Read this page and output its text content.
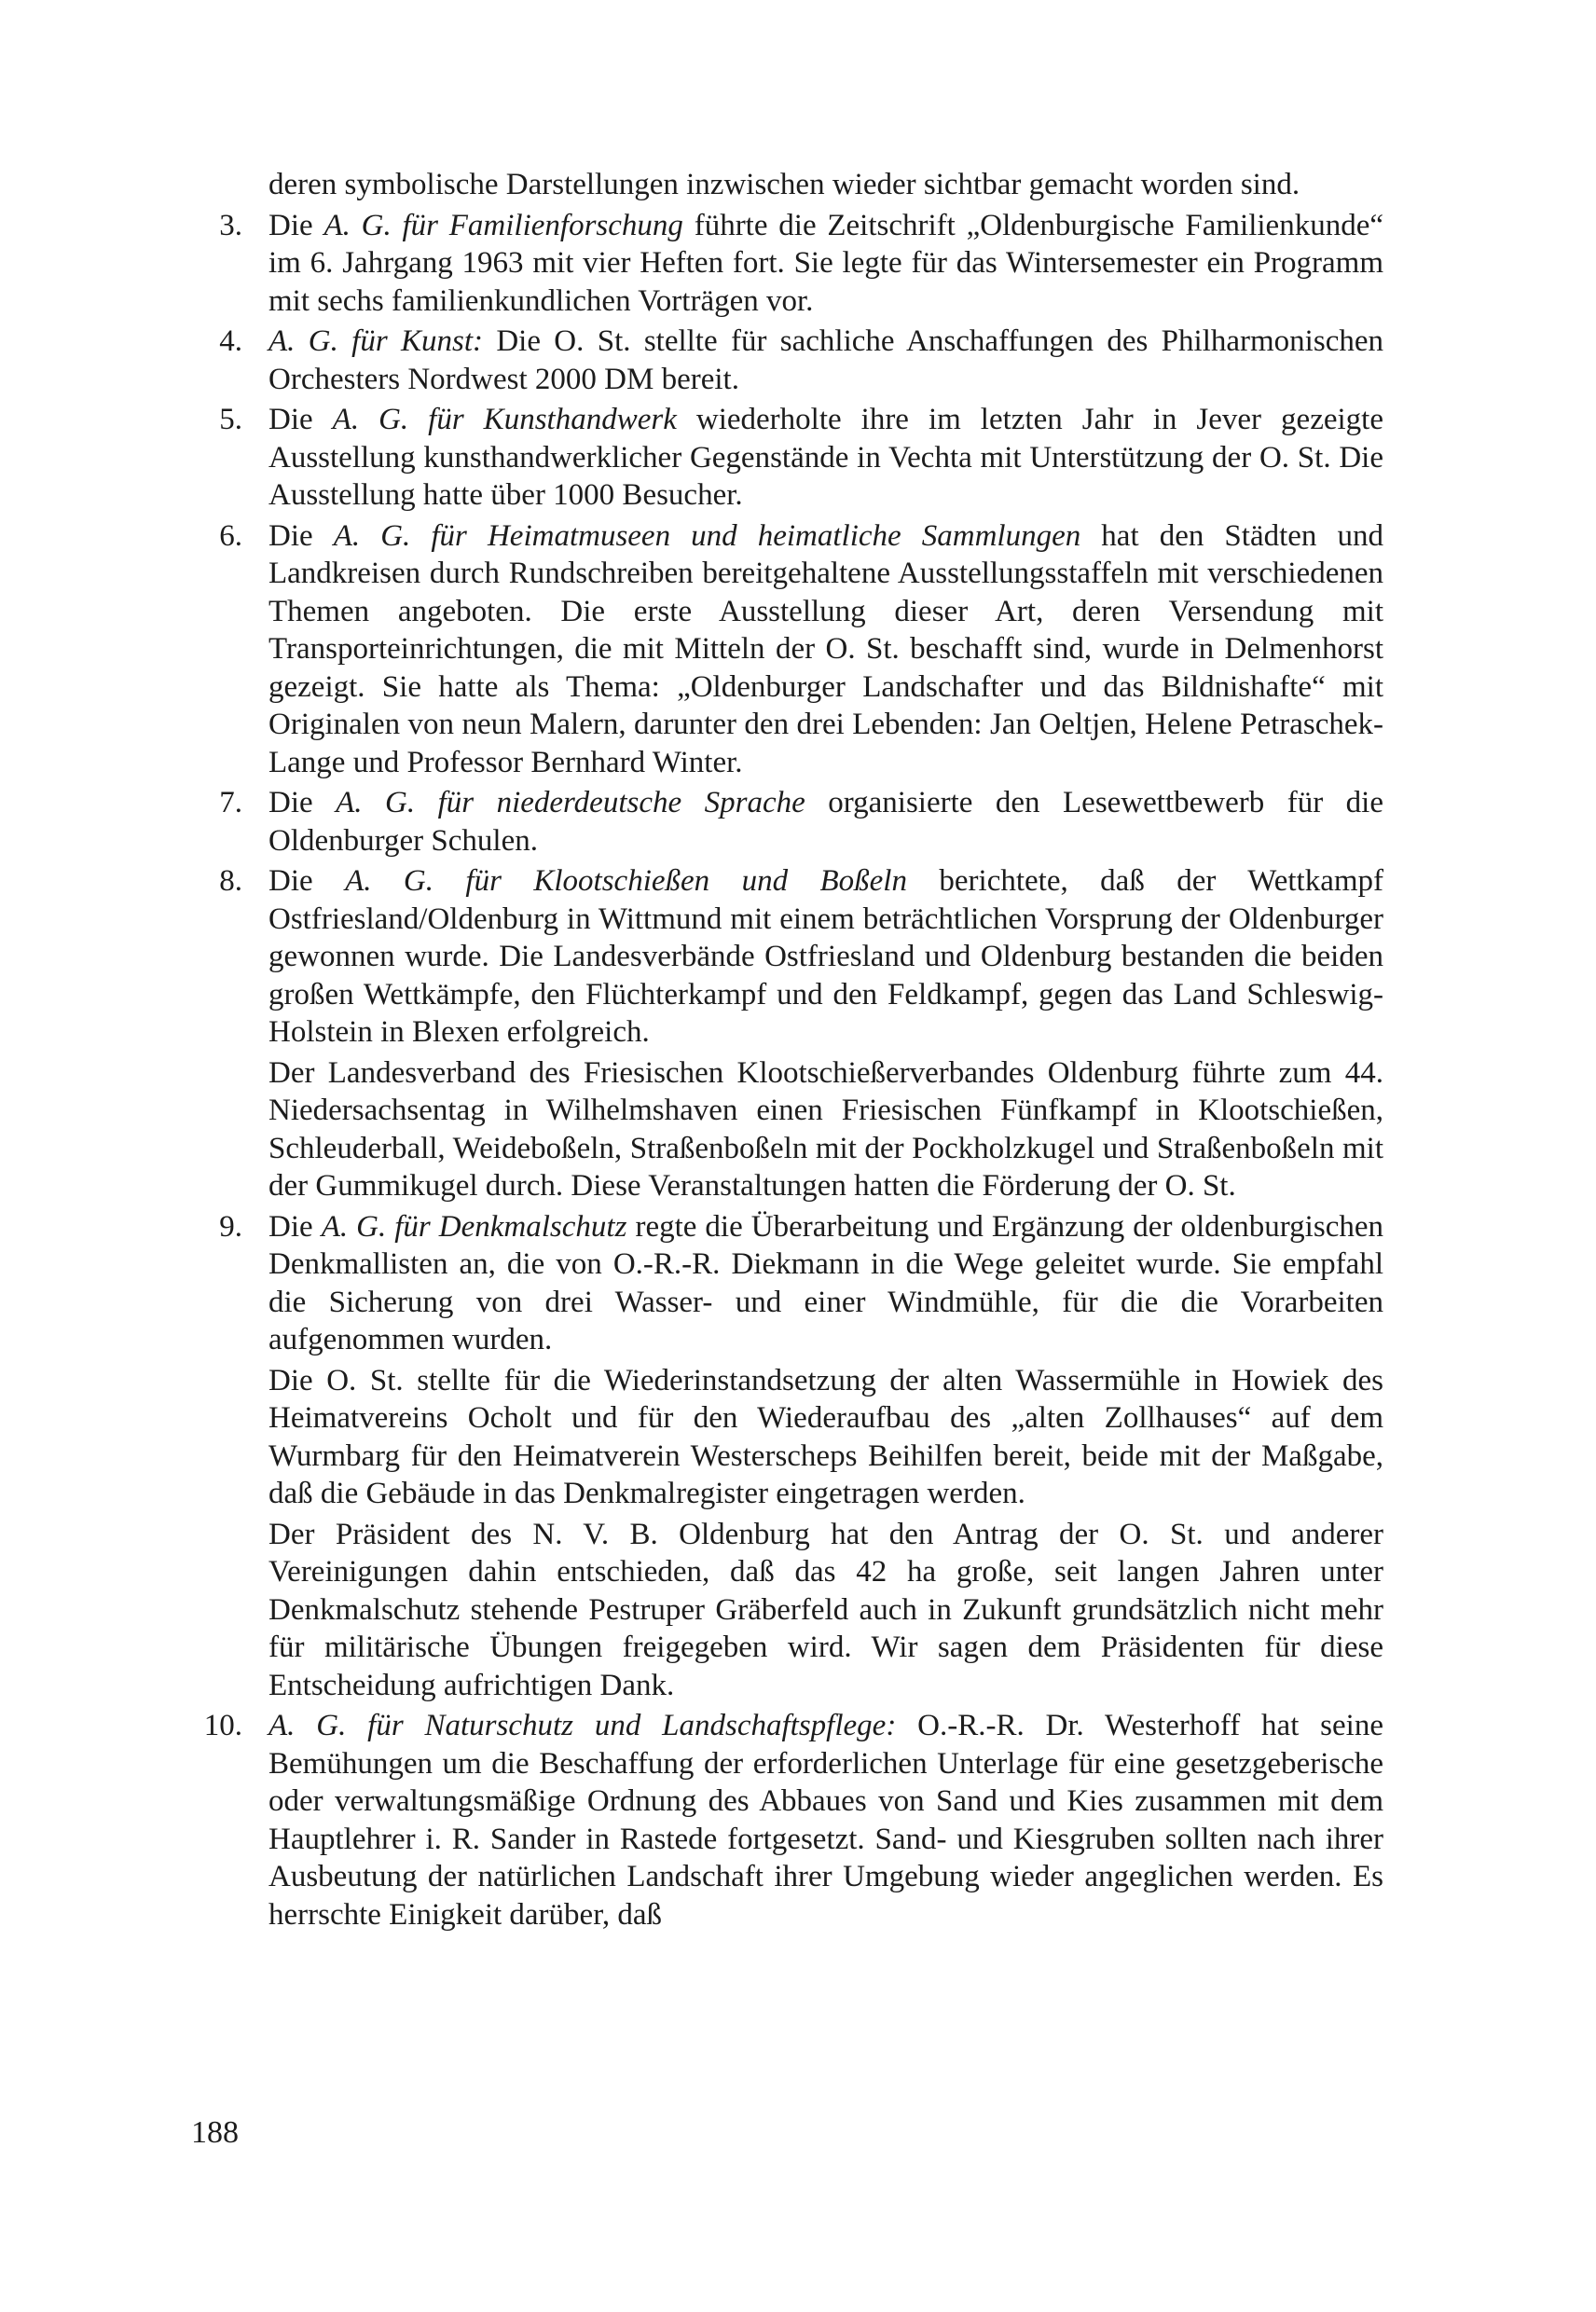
deren symbolische Darstellungen inzwischen wieder sichtbar gemacht worden sind.

3. Die A. G. für Familienforschung führte die Zeitschrift „Oldenburgische Familienkunde“ im 6. Jahrgang 1963 mit vier Heften fort. Sie legte für das Wintersemester ein Programm mit sechs familienkundlichen Vorträgen vor.

4. A. G. für Kunst: Die O. St. stellte für sachliche Anschaffungen des Philharmonischen Orchesters Nordwest 2000 DM bereit.

5. Die A. G. für Kunsthandwerk wiederholte ihre im letzten Jahr in Jever gezeigte Ausstellung kunsthandwerklicher Gegenstände in Vechta mit Unterstützung der O. St. Die Ausstellung hatte über 1000 Besucher.

6. Die A. G. für Heimatmuseen und heimatliche Sammlungen hat den Städten und Landkreisen durch Rundschreiben bereitgehaltene Ausstellungsstaffeln mit verschiedenen Themen angeboten. Die erste Ausstellung dieser Art, deren Versendung mit Transporteinrichtungen, die mit Mitteln der O. St. beschafft sind, wurde in Delmenhorst gezeigt. Sie hatte als Thema: „Oldenburger Landschafter und das Bildnishafte“ mit Originalen von neun Malern, darunter den drei Lebenden: Jan Oeltjen, Helene Petraschek-Lange und Professor Bernhard Winter.

7. Die A. G. für niederdeutsche Sprache organisierte den Lesewettbewerb für die Oldenburger Schulen.

8. Die A. G. für Klootschießen und Boßeln berichtete, daß der Wettkampf Ostfriesland/Oldenburg in Wittmund mit einem beträchtlichen Vorsprung der Oldenburger gewonnen wurde. Die Landesverbände Ostfriesland und Oldenburg bestanden die beiden großen Wettkämpfe, den Flüchterkampf und den Feldkampf, gegen das Land Schleswig-Holstein in Blexen erfolgreich.

Der Landesverband des Friesischen Klootschießerverbandes Oldenburg führte zum 44. Niedersachsentag in Wilhelmshaven einen Friesischen Fünfkampf in Klootschießen, Schleuderball, Weideboßeln, Straßenboßeln mit der Pockholzkugel und Straßenboßeln mit der Gummikugel durch. Diese Veranstaltungen hatten die Förderung der O. St.

9. Die A. G. für Denkmalschutz regte die Überarbeitung und Ergänzung der oldenburgischen Denkmallisten an, die von O.-R.-R. Diekmann in die Wege geleitet wurde. Sie empfahl die Sicherung von drei Wasser- und einer Windmühle, für die die Vorarbeiten aufgenommen wurden.

Die O. St. stellte für die Wiederinstandsetzung der alten Wassermühle in Howiek des Heimatvereins Ocholt und für den Wiederaufbau des „alten Zollhauses“ auf dem Wurmbarg für den Heimatverein Westerscheps Beihilfen bereit, beide mit der Maßgabe, daß die Gebäude in das Denkmalregister eingetragen werden.

Der Präsident des N. V. B. Oldenburg hat den Antrag der O. St. und anderer Vereinigungen dahin entschieden, daß das 42 ha große, seit langen Jahren unter Denkmalschutz stehende Pestruper Gräberfeld auch in Zukunft grundsätzlich nicht mehr für militärische Übungen freigegeben wird. Wir sagen dem Präsidenten für diese Entscheidung aufrichtigen Dank.

10. A. G. für Naturschutz und Landschaftspflege: O.-R.-R. Dr. Westerhoff hat seine Bemühungen um die Beschaffung der erforderlichen Unterlage für eine gesetzgeberische oder verwaltungsmäßige Ordnung des Abbaues von Sand und Kies zusammen mit dem Hauptlehrer i. R. Sander in Rastede fortgesetzt. Sand- und Kiesgruben sollten nach ihrer Ausbeutung der natürlichen Landschaft ihrer Umgebung wieder angeglichen werden. Es herrschte Einigkeit darüber, daß

188
